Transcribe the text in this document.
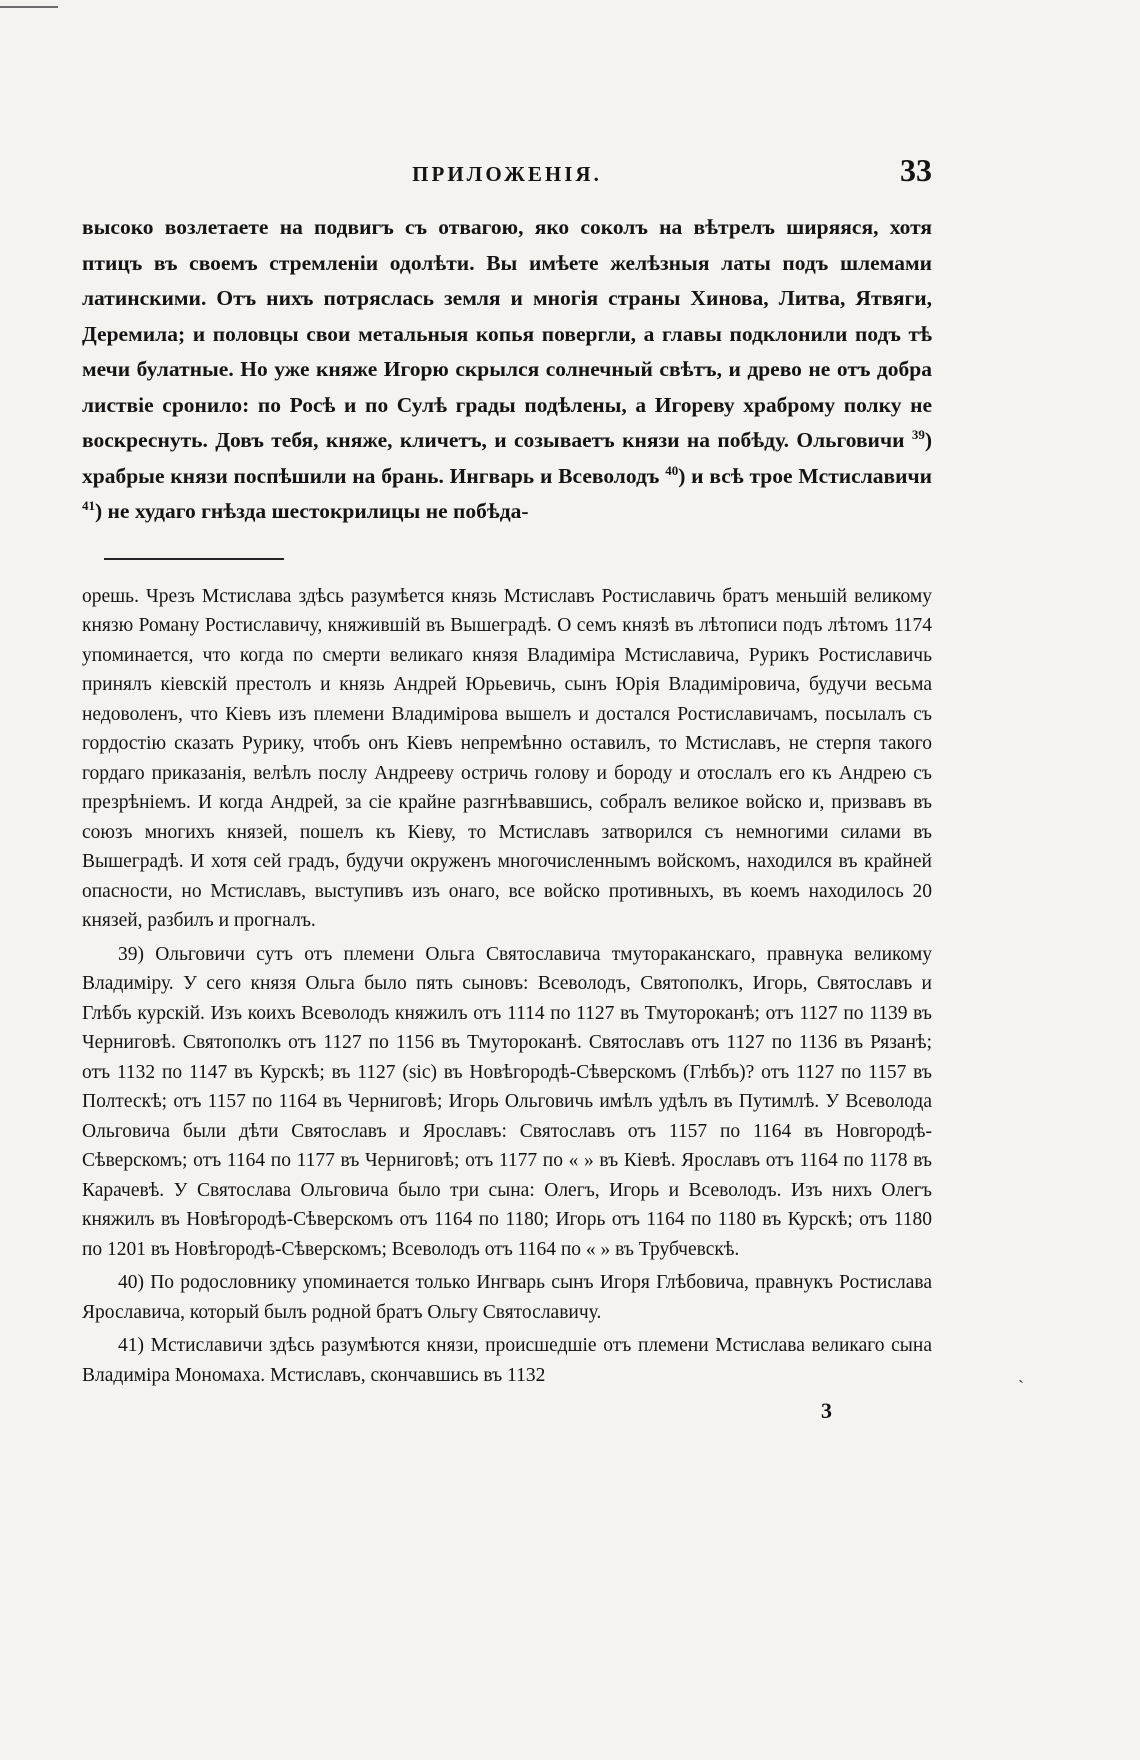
ПРИЛОЖЕНІЯ.	33

высоко возлетаете на подвигъ съ отвагою, яко соколъ на вѣтрелъ ширяяся, хотя птицъ въ своемъ стремленіи одолѣти. Вы имѣете желѣзныя латы подъ шлемами латинскими. Отъ нихъ потряслась земля и многія страны Хинова, Литва, Ятвяги, Деремила; и половцы свои метальныя копья повергли, а главы подклонили подъ тѣ мечи булатные. Но уже княже Игорю скрылся солнечный свѣтъ, и древо не отъ добра листвіе сронило: по Росѣ и по Сулѣ грады подѣлены, а Игореву храброму полку не воскреснуть. Довъ тебя, княже, кличетъ, и созываетъ князи на побѣду. Ольговичи $^{39}$) храбрые князи поспѣшили на брань. Ингварь и Всеволодъ $^{40}$) и всѣ трое Мстиславичи $^{41}$) не худаго гнѣзда шестокрилицы не побѣда-

орешь. Чрезъ Мстислава здѣсь разумѣется князь Мстиславъ Ростиславичь братъ меньшій великому князю Роману Ростиславичу, княжившій въ Вышеградѣ. О семъ князѣ въ лѣтописи подъ лѣтомъ 1174 упоминается, что когда по смерти великаго князя Владиміра Мстиславича, Рурикъ Ростиславичь принялъ кіевскій престолъ и князь Андрей Юрьевичь, сынъ Юрія Владиміровича, будучи весьма недоволенъ, что Кіевъ изъ племени Владимірова вышелъ и достался Ростиславичамъ, посылалъ съ гордостію сказать Рурику, чтобъ онъ Кіевъ непремѣнно оставилъ, то Мстиславъ, не стерпя такого гордаго приказанія, велѣлъ послу Андрееву остричь голову и бороду и отослалъ его къ Андрею съ презрѣніемъ. И когда Андрей, за сіе крайне разгнѣвавшись, собралъ великое войско и, призвавъ въ союзъ многихъ князей, пошелъ къ Кіеву, то Мстиславъ затворился съ немногими силами въ Вышеградѣ. И хотя сей градъ, будучи окруженъ многочисленнымъ войскомъ, находился въ крайней опасности, но Мстиславъ, выступивъ изъ онаго, все войско противныхъ, въ коемъ находилось 20 князей, разбилъ и прогналъ.

39) Ольговичи сутъ отъ племени Ольга Святославича тмутораканскаго, правнука великому Владиміру. У сего князя Ольга было пять сыновъ: Всеволодъ, Святополкъ, Игорь, Святославъ и Глѣбъ курскій. Изъ коихъ Всеволодъ княжилъ отъ 1114 по 1127 въ Тмутороканѣ; отъ 1127 по 1139 въ Черниговѣ. Святополкъ отъ 1127 по 1156 въ Тмутороканѣ. Святославъ отъ 1127 по 1136 въ Рязанѣ; отъ 1132 по 1147 въ Курскѣ; въ 1127 (sic) въ Новѣгородѣ-Сѣверскомъ (Глѣбъ)? отъ 1127 по 1157 въ Полтескѣ; отъ 1157 по 1164 въ Черниговѣ; Игорь Ольговичь имѣлъ удѣлъ въ Путимлѣ. У Всеволода Ольговича были дѣти Святославъ и Ярославъ: Святославъ отъ 1157 по 1164 въ Новгородѣ-Сѣверскомъ; отъ 1164 по 1177 въ Черниговѣ; отъ 1177 по « » въ Кіевѣ. Ярославъ отъ 1164 по 1178 въ Карачевѣ. У Святослава Ольговича было три сына: Олегъ, Игорь и Всеволодъ. Изъ нихъ Олегъ княжилъ въ Новѣгородѣ-Сѣверскомъ отъ 1164 по 1180; Игорь отъ 1164 по 1180 въ Курскѣ; отъ 1180 по 1201 въ Новѣгородѣ-Сѣверскомъ; Всеволодъ отъ 1164 по « » въ Трубчевскѣ.

40) По родословнику упоминается только Ингварь сынъ Игоря Глѣбовича, правнукъ Ростислава Ярославича, который былъ родной братъ Ольгу Святославичу.

41) Мстиславичи здѣсь разумѣются князи, происшедшіе отъ племени Мстислава великаго сына Владиміра Мономаха. Мстиславъ, скончавшись въ 1132

3
ˋ
